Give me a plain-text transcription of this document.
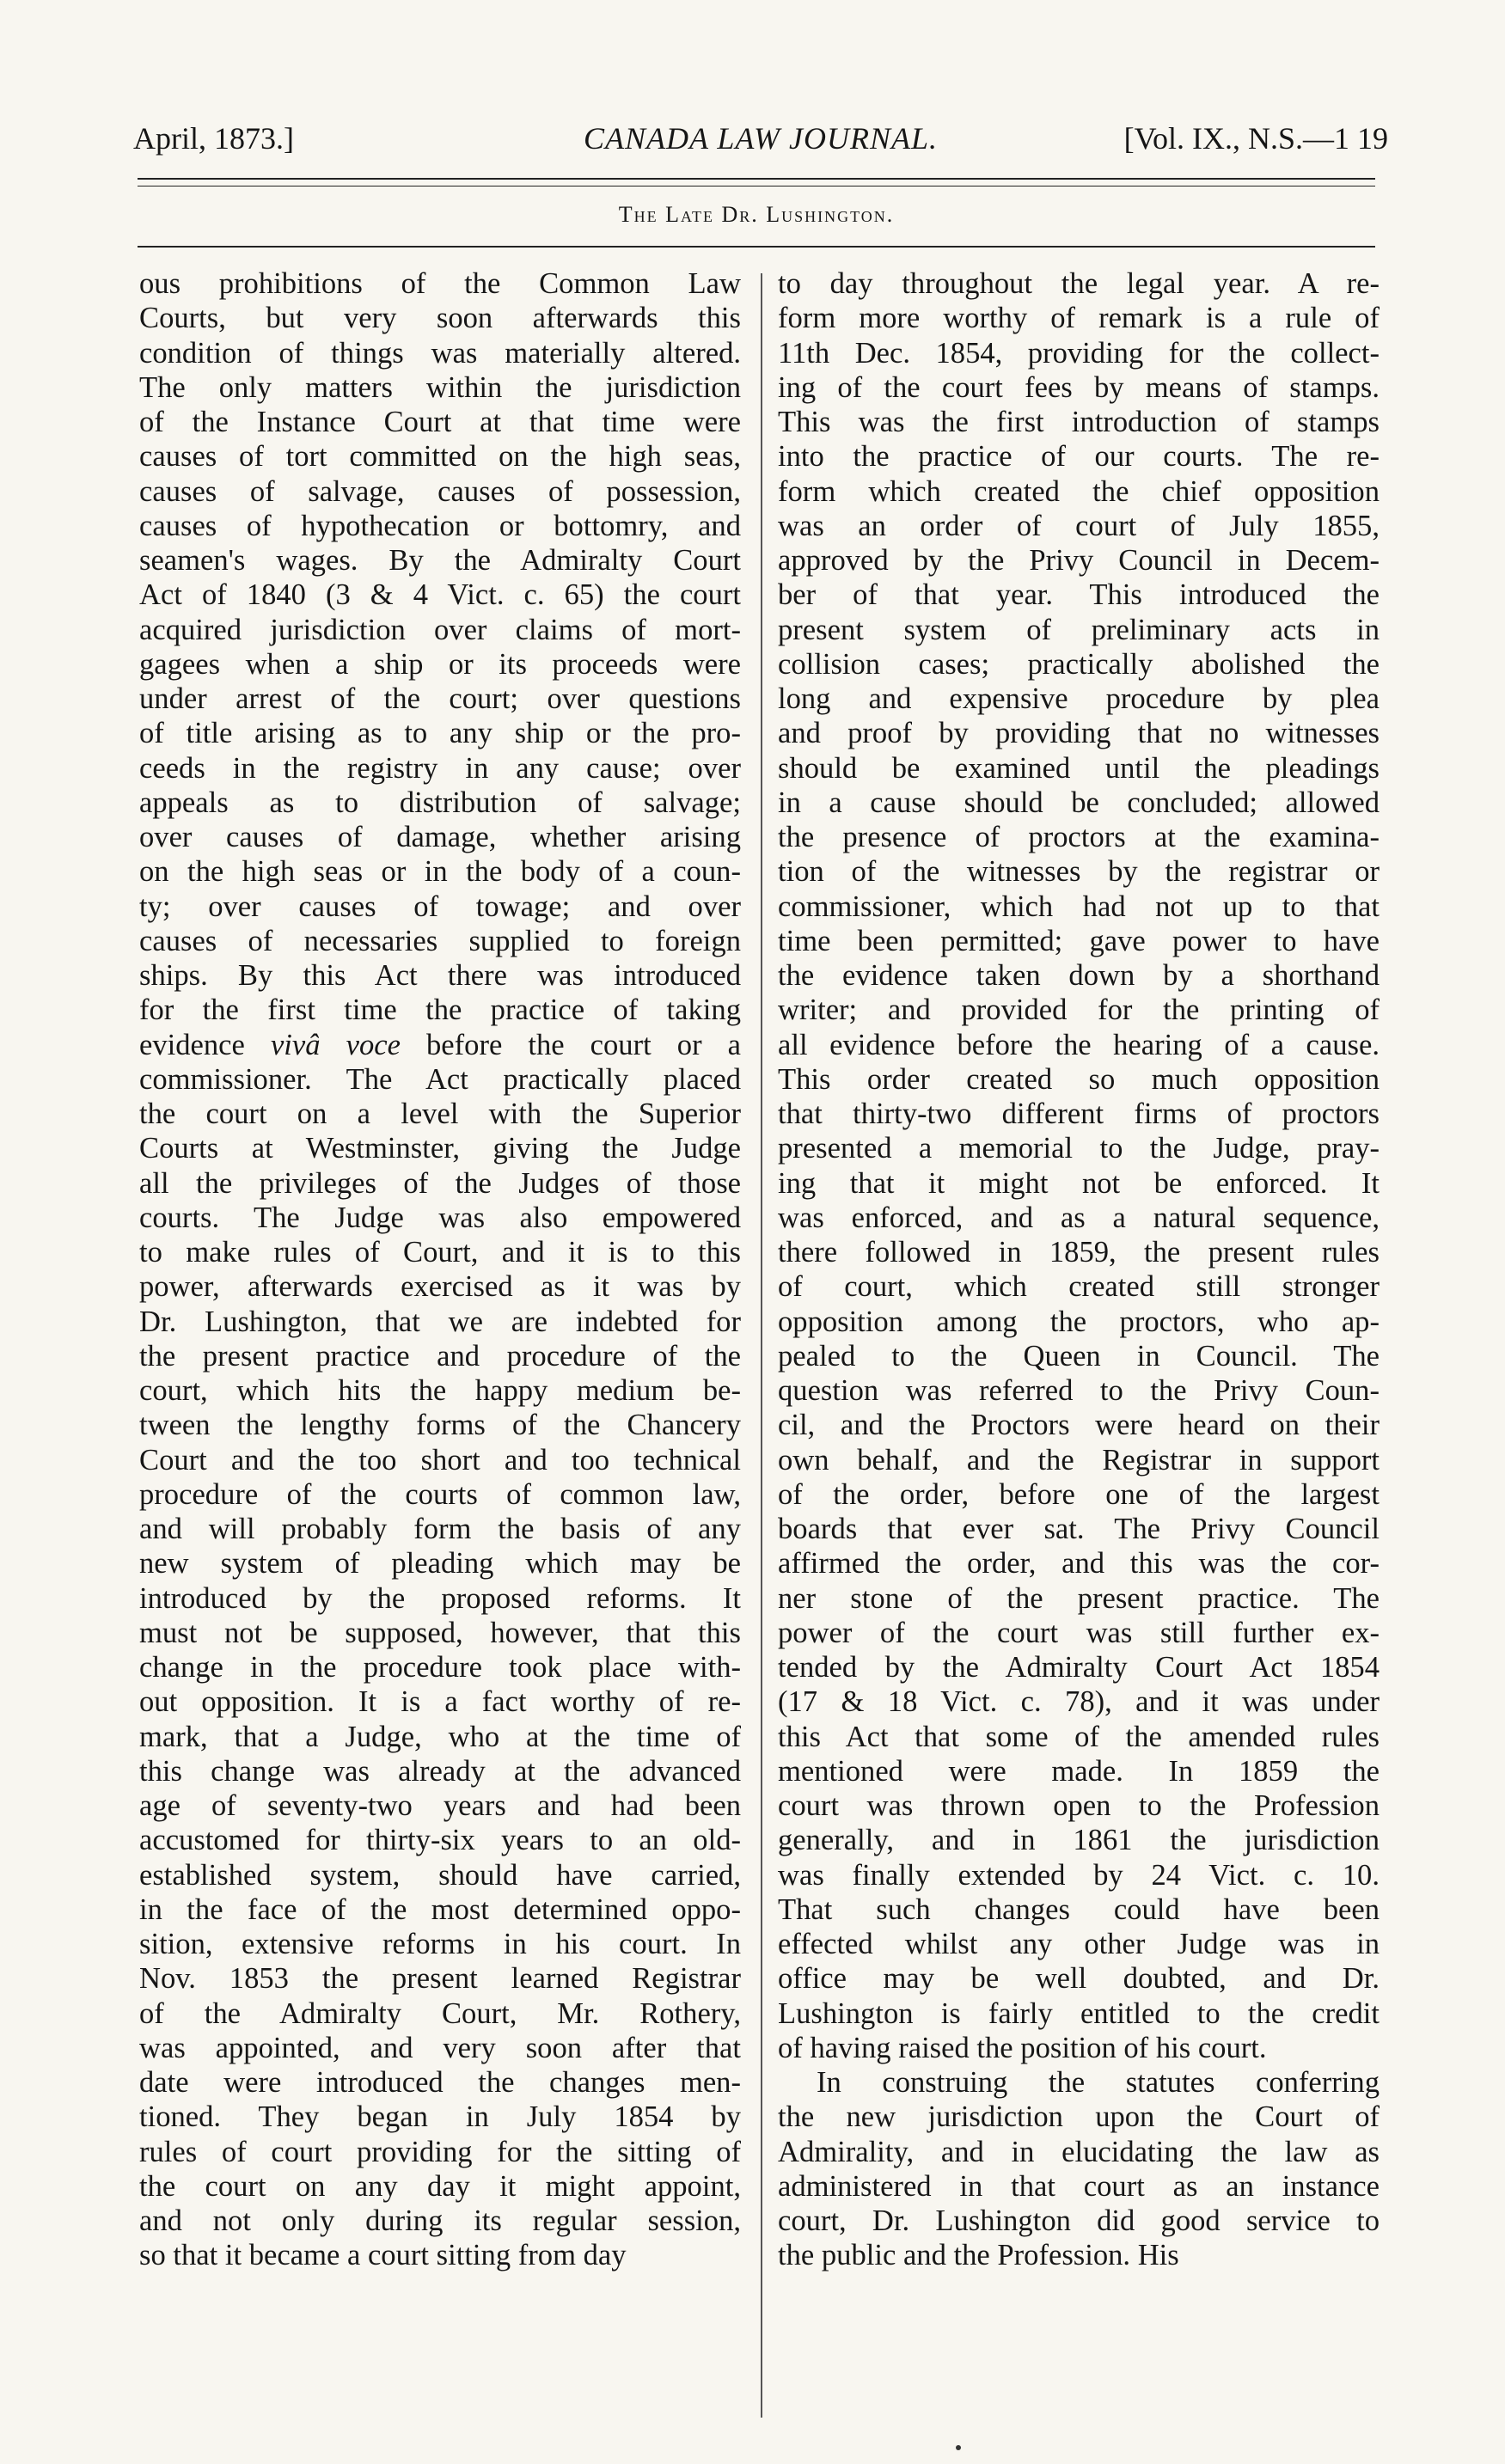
April, 1873.]	CANADA LAW JOURNAL.	[Vol. IX., N.S.—1 19
The Late Dr. Lushington.
ous prohibitions of the Common Law
Courts, but very soon afterwards this
condition of things was materially altered.
The only matters within the jurisdiction
of the Instance Court at that time were
causes of tort committed on the high seas,
causes of salvage, causes of possession,
causes of hypothecation or bottomry, and
seamen's wages. By the Admiralty Court
Act of 1840 (3 & 4 Vict. c. 65) the court
acquired jurisdiction over claims of mort-
gagees when a ship or its proceeds were
under arrest of the court; over questions
of title arising as to any ship or the pro-
ceeds in the registry in any cause; over
appeals as to distribution of salvage;
over causes of damage, whether arising
on the high seas or in the body of a coun-
ty; over causes of towage; and over
causes of necessaries supplied to foreign
ships. By this Act there was introduced
for the first time the practice of taking
evidence vivâ voce before the court or a
commissioner. The Act practically placed
the court on a level with the Superior
Courts at Westminster, giving the Judge
all the privileges of the Judges of those
courts. The Judge was also empowered
to make rules of Court, and it is to this
power, afterwards exercised as it was by
Dr. Lushington, that we are indebted for
the present practice and procedure of the
court, which hits the happy medium be-
tween the lengthy forms of the Chancery
Court and the too short and too technical
procedure of the courts of common law,
and will probably form the basis of any
new system of pleading which may be
introduced by the proposed reforms. It
must not be supposed, however, that this
change in the procedure took place with-
out opposition. It is a fact worthy of re-
mark, that a Judge, who at the time of
this change was already at the advanced
age of seventy-two years and had been
accustomed for thirty-six years to an old-
established system, should have carried,
in the face of the most determined oppo-
sition, extensive reforms in his court. In
Nov. 1853 the present learned Registrar
of the Admiralty Court, Mr. Rothery,
was appointed, and very soon after that
date were introduced the changes men-
tioned. They began in July 1854 by
rules of court providing for the sitting of
the court on any day it might appoint,
and not only during its regular session,
so that it became a court sitting from day
to day throughout the legal year. A re-
form more worthy of remark is a rule of
11th Dec. 1854, providing for the collect-
ing of the court fees by means of stamps.
This was the first introduction of stamps
into the practice of our courts. The re-
form which created the chief opposition
was an order of court of July 1855,
approved by the Privy Council in Decem-
ber of that year. This introduced the
present system of preliminary acts in
collision cases; practically abolished the
long and expensive procedure by plea
and proof by providing that no witnesses
should be examined until the pleadings
in a cause should be concluded; allowed
the presence of proctors at the examina-
tion of the witnesses by the registrar or
commissioner, which had not up to that
time been permitted; gave power to have
the evidence taken down by a shorthand
writer; and provided for the printing of
all evidence before the hearing of a cause.
This order created so much opposition
that thirty-two different firms of proctors
presented a memorial to the Judge, pray-
ing that it might not be enforced. It
was enforced, and as a natural sequence,
there followed in 1859, the present rules
of court, which created still stronger
opposition among the proctors, who ap-
pealed to the Queen in Council. The
question was referred to the Privy Coun-
cil, and the Proctors were heard on their
own behalf, and the Registrar in support
of the order, before one of the largest
boards that ever sat. The Privy Council
affirmed the order, and this was the cor-
ner stone of the present practice. The
power of the court was still further ex-
tended by the Admiralty Court Act 1854
(17 & 18 Vict. c. 78), and it was under
this Act that some of the amended rules
mentioned were made. In 1859 the
court was thrown open to the Profession
generally, and in 1861 the jurisdiction
was finally extended by 24 Vict. c. 10.
That such changes could have been
effected whilst any other Judge was in
office may be well doubted, and Dr.
Lushington is fairly entitled to the credit
of having raised the position of his court.
In construing the statutes conferring
the new jurisdiction upon the Court of
Admirality, and in elucidating the law as
administered in that court as an instance
court, Dr. Lushington did good service to
the public and the Profession. His
